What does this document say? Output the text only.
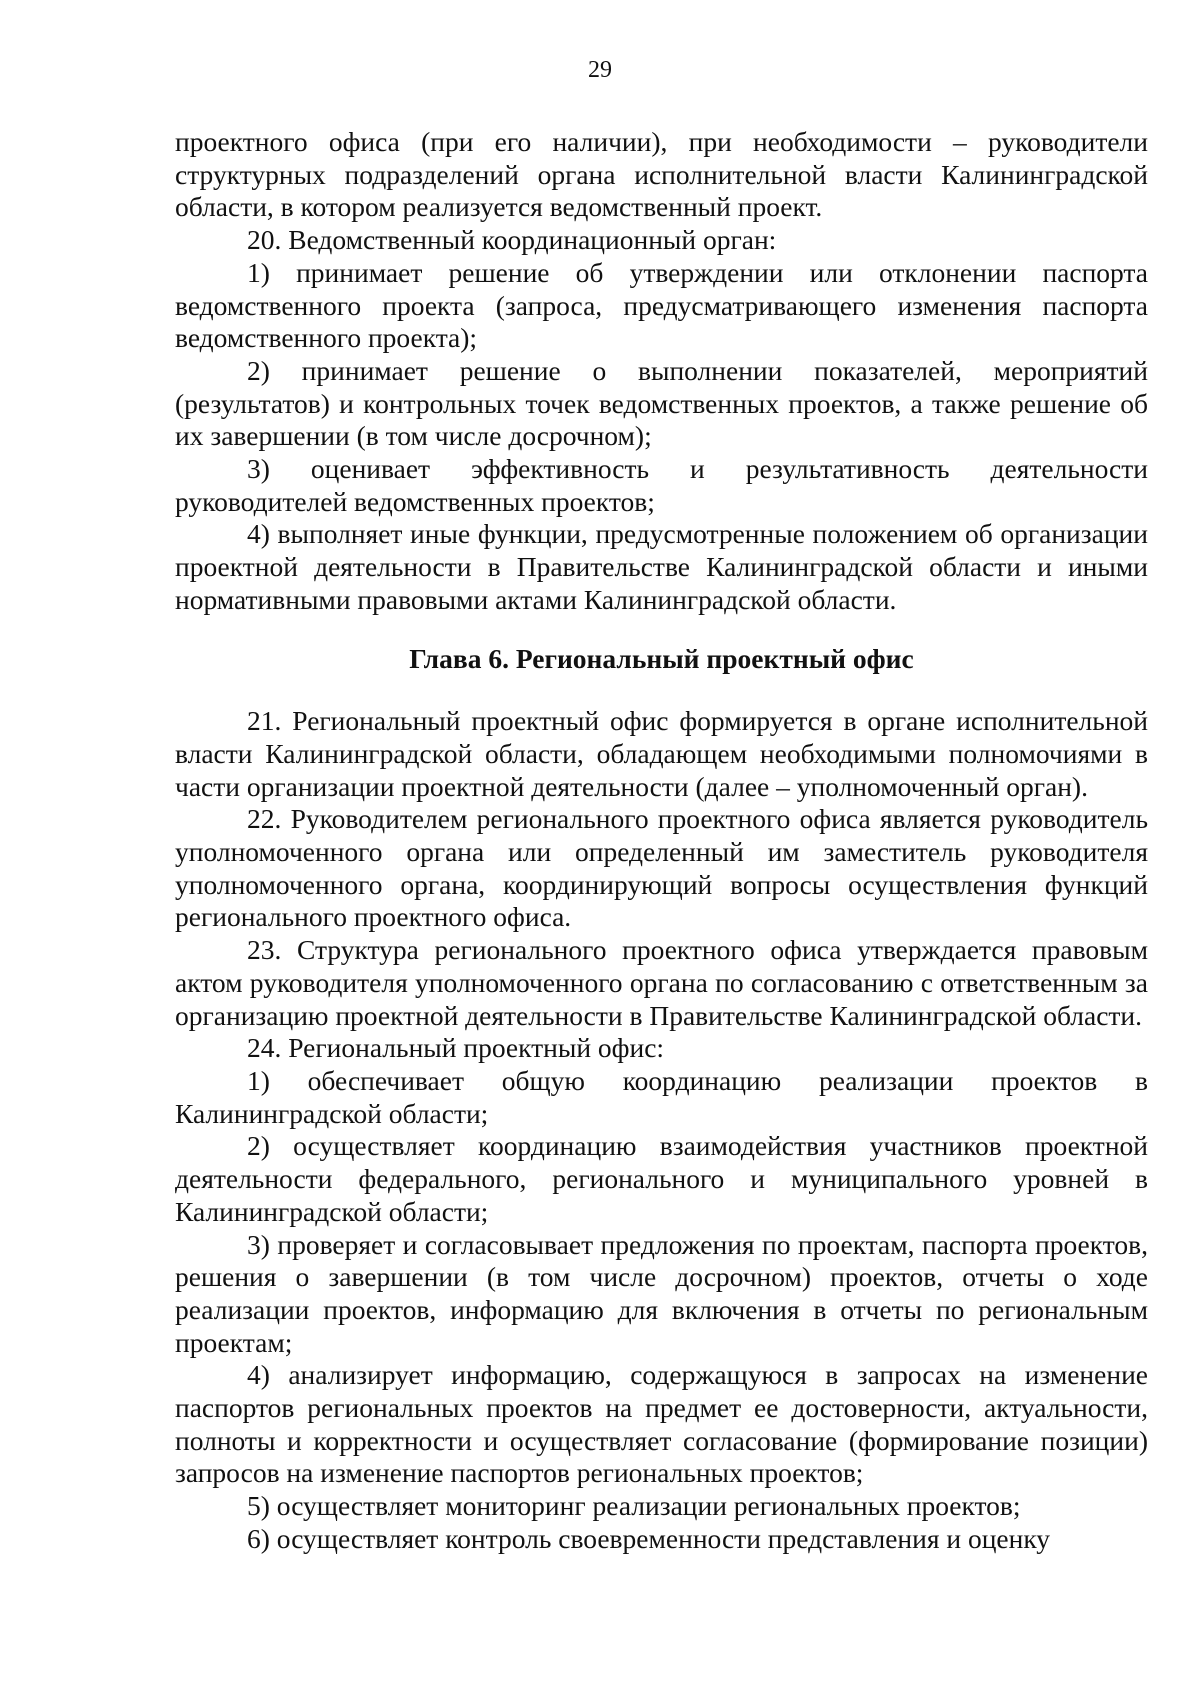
29

проектного офиса (при его наличии), при необходимости – руководители структурных подразделений органа исполнительной власти Калининградской области, в котором реализуется ведомственный проект.

20. Ведомственный координационный орган:

1) принимает решение об утверждении или отклонении паспорта ведомственного проекта (запроса, предусматривающего изменения паспорта ведомственного проекта);

2) принимает решение о выполнении показателей, мероприятий (результатов) и контрольных точек ведомственных проектов, а также решение об их завершении (в том числе досрочном);

3) оценивает эффективность и результативность деятельности руководителей ведомственных проектов;

4) выполняет иные функции, предусмотренные положением об организации проектной деятельности в Правительстве Калининградской области и иными нормативными правовыми актами Калининградской области.

Глава 6. Региональный проектный офис

21. Региональный проектный офис формируется в органе исполнительной власти Калининградской области, обладающем необходимыми полномочиями в части организации проектной деятельности (далее – уполномоченный орган).

22. Руководителем регионального проектного офиса является руководитель уполномоченного органа или определенный им заместитель руководителя уполномоченного органа, координирующий вопросы осуществления функций регионального проектного офиса.

23. Структура регионального проектного офиса утверждается правовым актом руководителя уполномоченного органа по согласованию с ответственным за организацию проектной деятельности в Правительстве Калининградской области.

24. Региональный проектный офис:

1) обеспечивает общую координацию реализации проектов в Калининградской области;

2) осуществляет координацию взаимодействия участников проектной деятельности федерального, регионального и муниципального уровней в Калининградской области;

3) проверяет и согласовывает предложения по проектам, паспорта проектов, решения о завершении (в том числе досрочном) проектов, отчеты о ходе реализации проектов, информацию для включения в отчеты по региональным проектам;

4) анализирует информацию, содержащуюся в запросах на изменение паспортов региональных проектов на предмет ее достоверности, актуальности, полноты и корректности и осуществляет согласование (формирование позиции) запросов на изменение паспортов региональных проектов;

5) осуществляет мониторинг реализации региональных проектов;

6) осуществляет контроль своевременности представления и оценку
